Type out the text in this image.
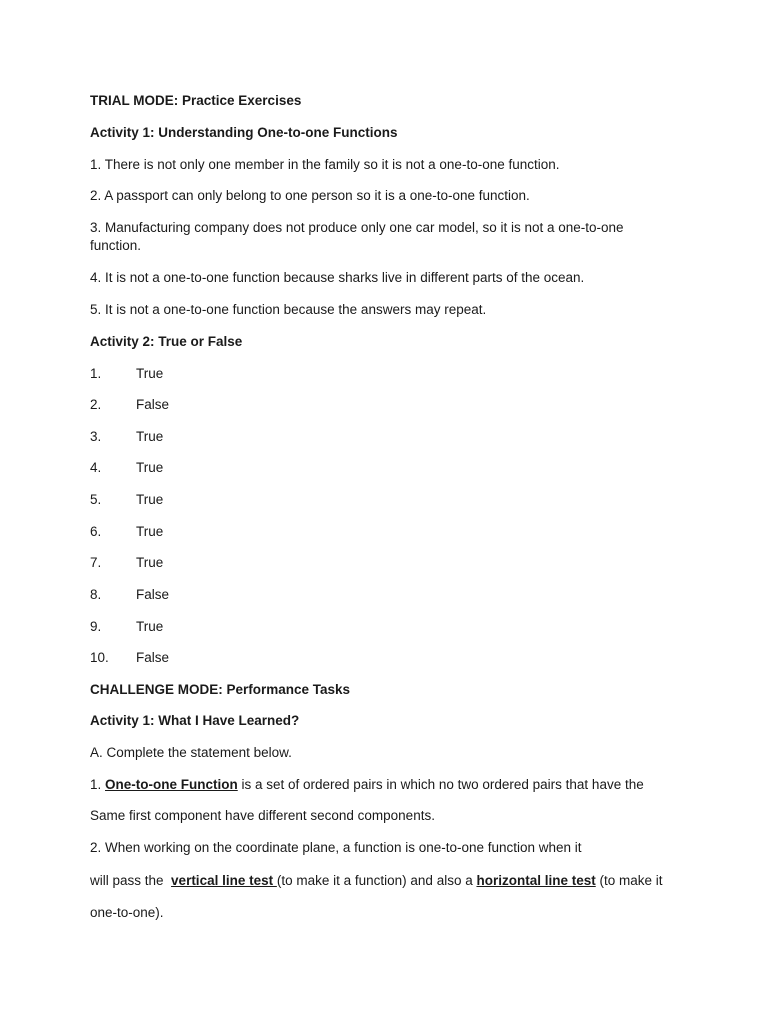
TRIAL MODE: Practice Exercises
Activity 1: Understanding One-to-one Functions
1. There is not only one member in the family so it is not a one-to-one function.
2. A passport can only belong to one person so it is a one-to-one function.
3. Manufacturing company does not produce only one car model, so it is not a one-to-one function.
4. It is not a one-to-one function because sharks live in different parts of the ocean.
5. It is not a one-to-one function because the answers may repeat.
Activity 2: True or False
1.	True
2.	False
3.	True
4.	True
5.	True
6.	True
7.	True
8.	False
9.	True
10. False
CHALLENGE MODE: Performance Tasks
Activity 1: What I Have Learned?
A. Complete the statement below.
1. One-to-one Function is a set of ordered pairs in which no two ordered pairs that have the
Same first component have different second components.
2. When working on the coordinate plane, a function is one-to-one function when it
will pass the  vertical line test (to make it a function) and also a horizontal line test (to make it
one-to-one).
